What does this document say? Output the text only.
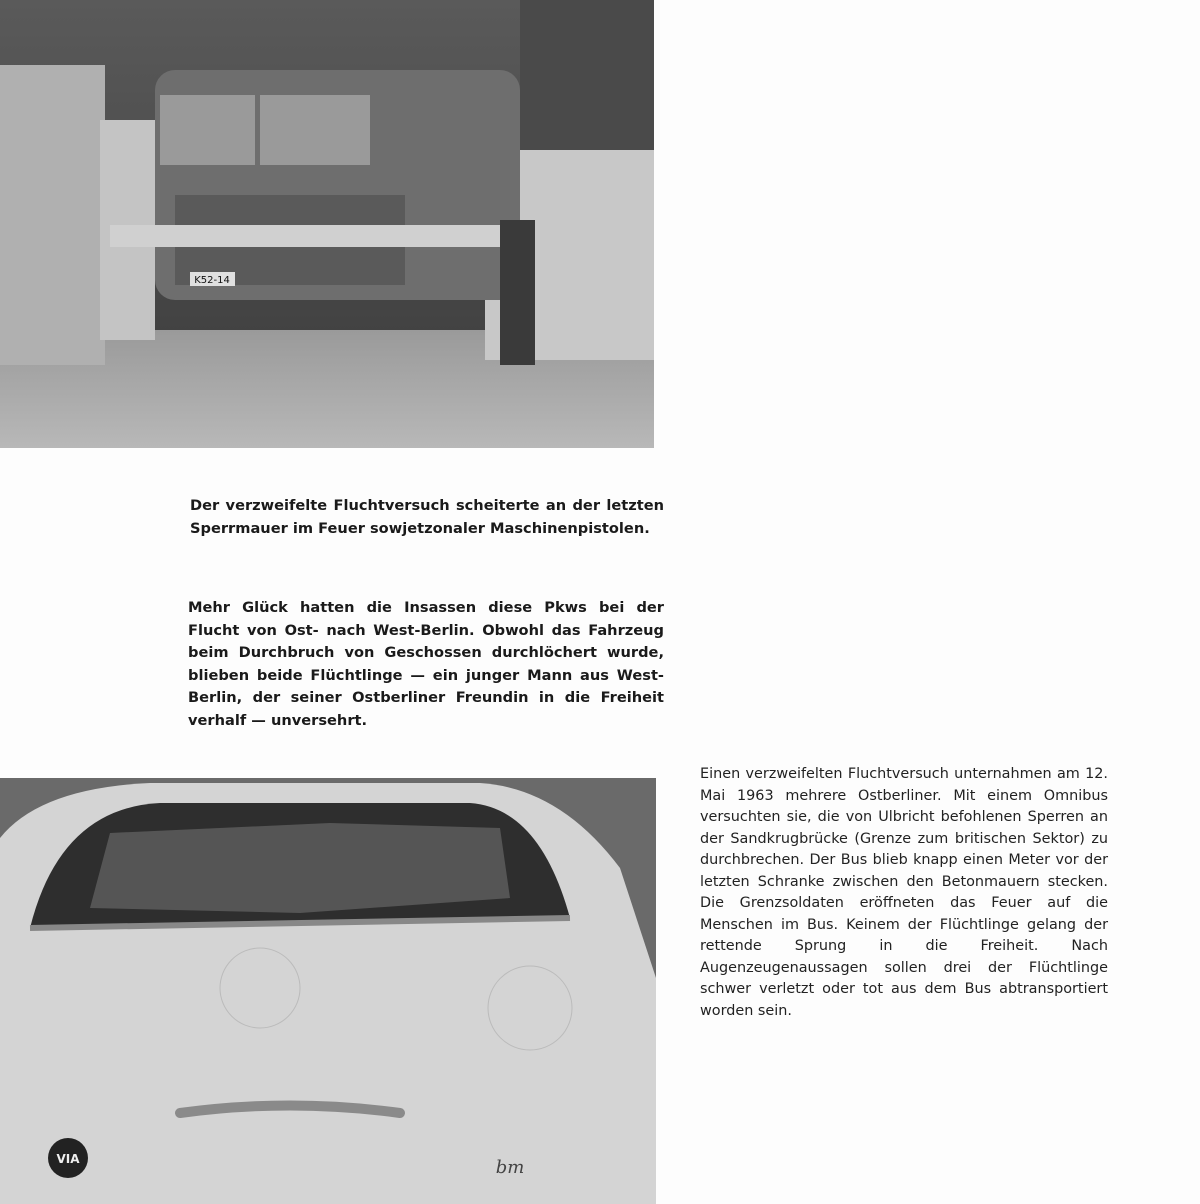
K52-14
Der verzweifelte Fluchtversuch scheiterte an der letzten Sperrmauer im Feuer sowjetzonaler Maschinenpistolen.
Mehr Glück hatten die Insassen diese Pkws bei der Flucht von Ost- nach West-Berlin. Obwohl das Fahrzeug beim Durchbruch von Geschossen durchlöchert wurde, blieben beide Flüchtlinge — ein junger Mann aus West-Berlin, der seiner Ostberliner Freundin in die Freiheit verhalf — unversehrt.
VIA	bm
Einen verzweifelten Fluchtversuch unternahmen am 12. Mai 1963 mehrere Ostberliner. Mit einem Omnibus versuchten sie, die von Ulbricht befohlenen Sperren an der Sandkrugbrücke (Grenze zum britischen Sektor) zu durchbrechen. Der Bus blieb knapp einen Meter vor der letzten Schranke zwischen den Betonmauern stecken. Die Grenzsoldaten eröffneten das Feuer auf die Menschen im Bus. Keinem der Flüchtlinge gelang der rettende Sprung in die Freiheit. Nach Augenzeugenaussagen sollen drei der Flüchtlinge schwer verletzt oder tot aus dem Bus abtransportiert worden sein.
